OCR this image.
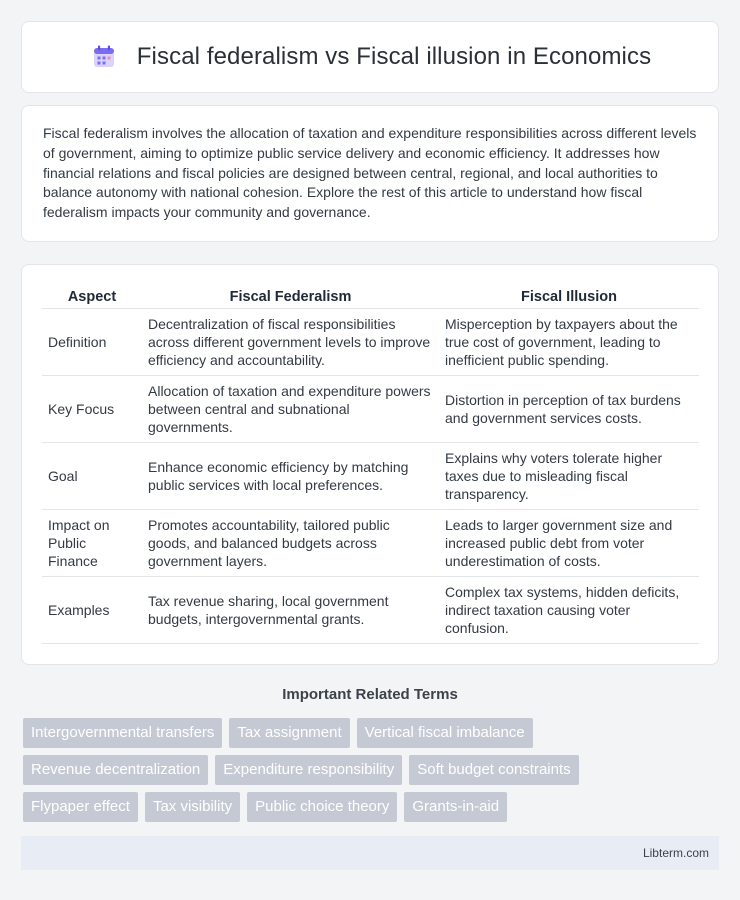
Fiscal federalism vs Fiscal illusion in Economics

Fiscal federalism involves the allocation of taxation and expenditure responsibilities across different levels of government, aiming to optimize public service delivery and economic efficiency. It addresses how financial relations and fiscal policies are designed between central, regional, and local authorities to balance autonomy with national cohesion. Explore the rest of this article to understand how fiscal federalism impacts your community and governance.

Aspect	Fiscal Federalism	Fiscal Illusion
Definition	Decentralization of fiscal responsibilities across different government levels to improve efficiency and accountability.	Misperception by taxpayers about the true cost of government, leading to inefficient public spending.
Key Focus	Allocation of taxation and expenditure powers between central and subnational governments.	Distortion in perception of tax burdens and government services costs.
Goal	Enhance economic efficiency by matching public services with local preferences.	Explains why voters tolerate higher taxes due to misleading fiscal transparency.
Impact on Public Finance	Promotes accountability, tailored public goods, and balanced budgets across government layers.	Leads to larger government size and increased public debt from voter underestimation of costs.
Examples	Tax revenue sharing, local government budgets, intergovernmental grants.	Complex tax systems, hidden deficits, indirect taxation causing voter confusion.
Important Related Terms
Intergovernmental transfers	Tax assignment	Vertical fiscal imbalance
Revenue decentralization	Expenditure responsibility	Soft budget constraints
Flypaper effect	Tax visibility	Public choice theory	Grants-in-aid
Libterm.com
